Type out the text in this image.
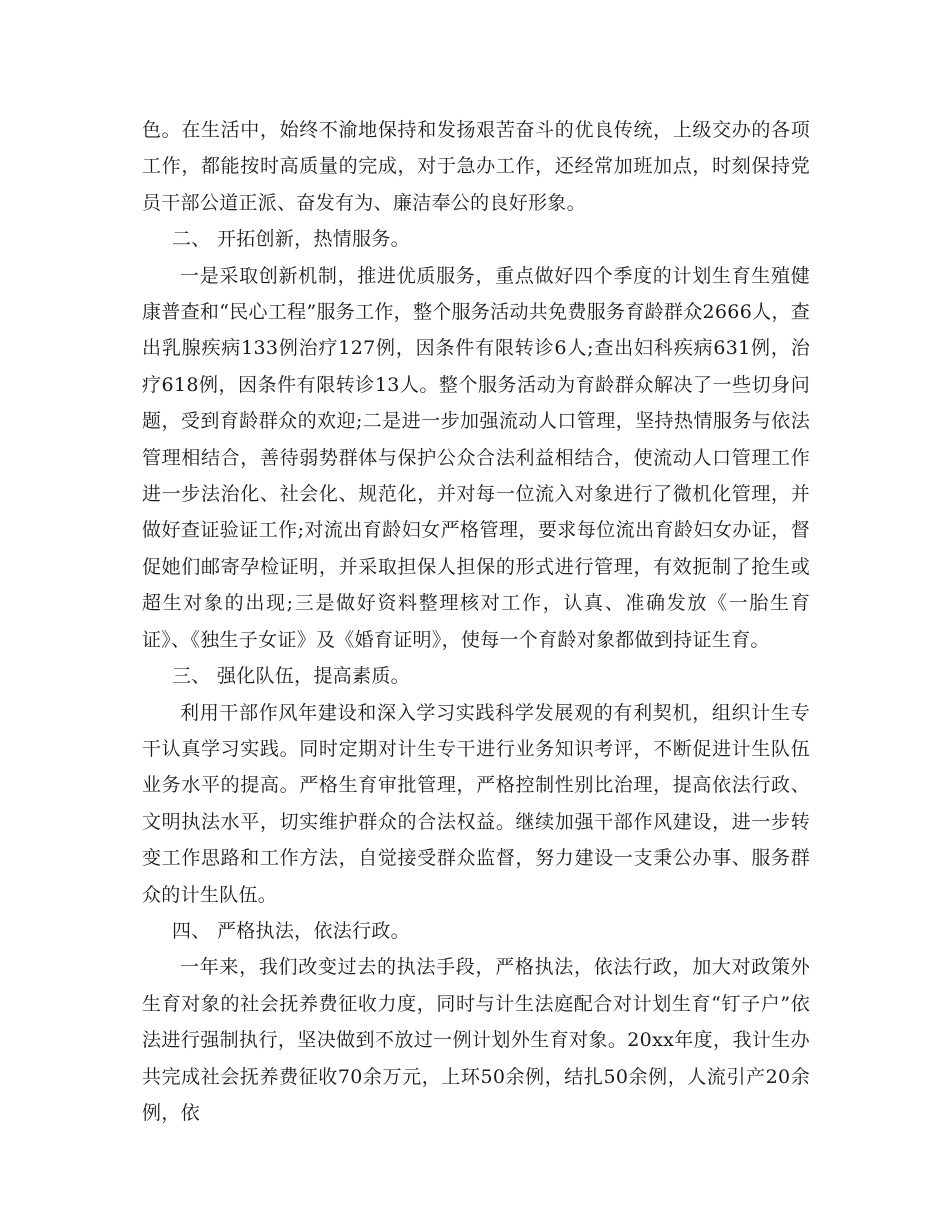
色。在生活中，始终不渝地保持和发扬艰苦奋斗的优良传统，上级交办的各项工作，都能按时高质量的完成，对于急办工作，还经常加班加点，时刻保持党员干部公道正派、奋发有为、廉洁奉公的良好形象。

二、 开拓创新，热情服务。

一是采取创新机制，推进优质服务，重点做好四个季度的计划生育生殖健康普查和“民心工程”服务工作，整个服务活动共免费服务育龄群众2666人，查出乳腺疾病133例治疗127例，因条件有限转诊6人;查出妇科疾病631例，治疗618例，因条件有限转诊13人。整个服务活动为育龄群众解决了一些切身问题，受到育龄群众的欢迎;二是进一步加强流动人口管理，坚持热情服务与依法管理相结合，善待弱势群体与保护公众合法利益相结合，使流动人口管理工作进一步法治化、社会化、规范化，并对每一位流入对象进行了微机化管理，并做好查证验证工作;对流出育龄妇女严格管理，要求每位流出育龄妇女办证，督促她们邮寄孕检证明，并采取担保人担保的形式进行管理，有效扼制了抢生或超生对象的出现;三是做好资料整理核对工作，认真、准确发放《一胎生育证》、《独生子女证》及《婚育证明》，使每一个育龄对象都做到持证生育。

三、 强化队伍，提高素质。

利用干部作风年建设和深入学习实践科学发展观的有利契机，组织计生专干认真学习实践。同时定期对计生专干进行业务知识考评，不断促进计生队伍业务水平的提高。严格生育审批管理，严格控制性别比治理，提高依法行政、文明执法水平，切实维护群众的合法权益。继续加强干部作风建设，进一步转变工作思路和工作方法，自觉接受群众监督，努力建设一支秉公办事、服务群众的计生队伍。

四、 严格执法，依法行政。

一年来，我们改变过去的执法手段，严格执法，依法行政，加大对政策外生育对象的社会抚养费征收力度，同时与计生法庭配合对计划生育“钉子户”依法进行强制执行，坚决做到不放过一例计划外生育对象。20xx年度，我计生办共完成社会抚养费征收70余万元，上环50余例，结扎50余例，人流引产20余例，依
